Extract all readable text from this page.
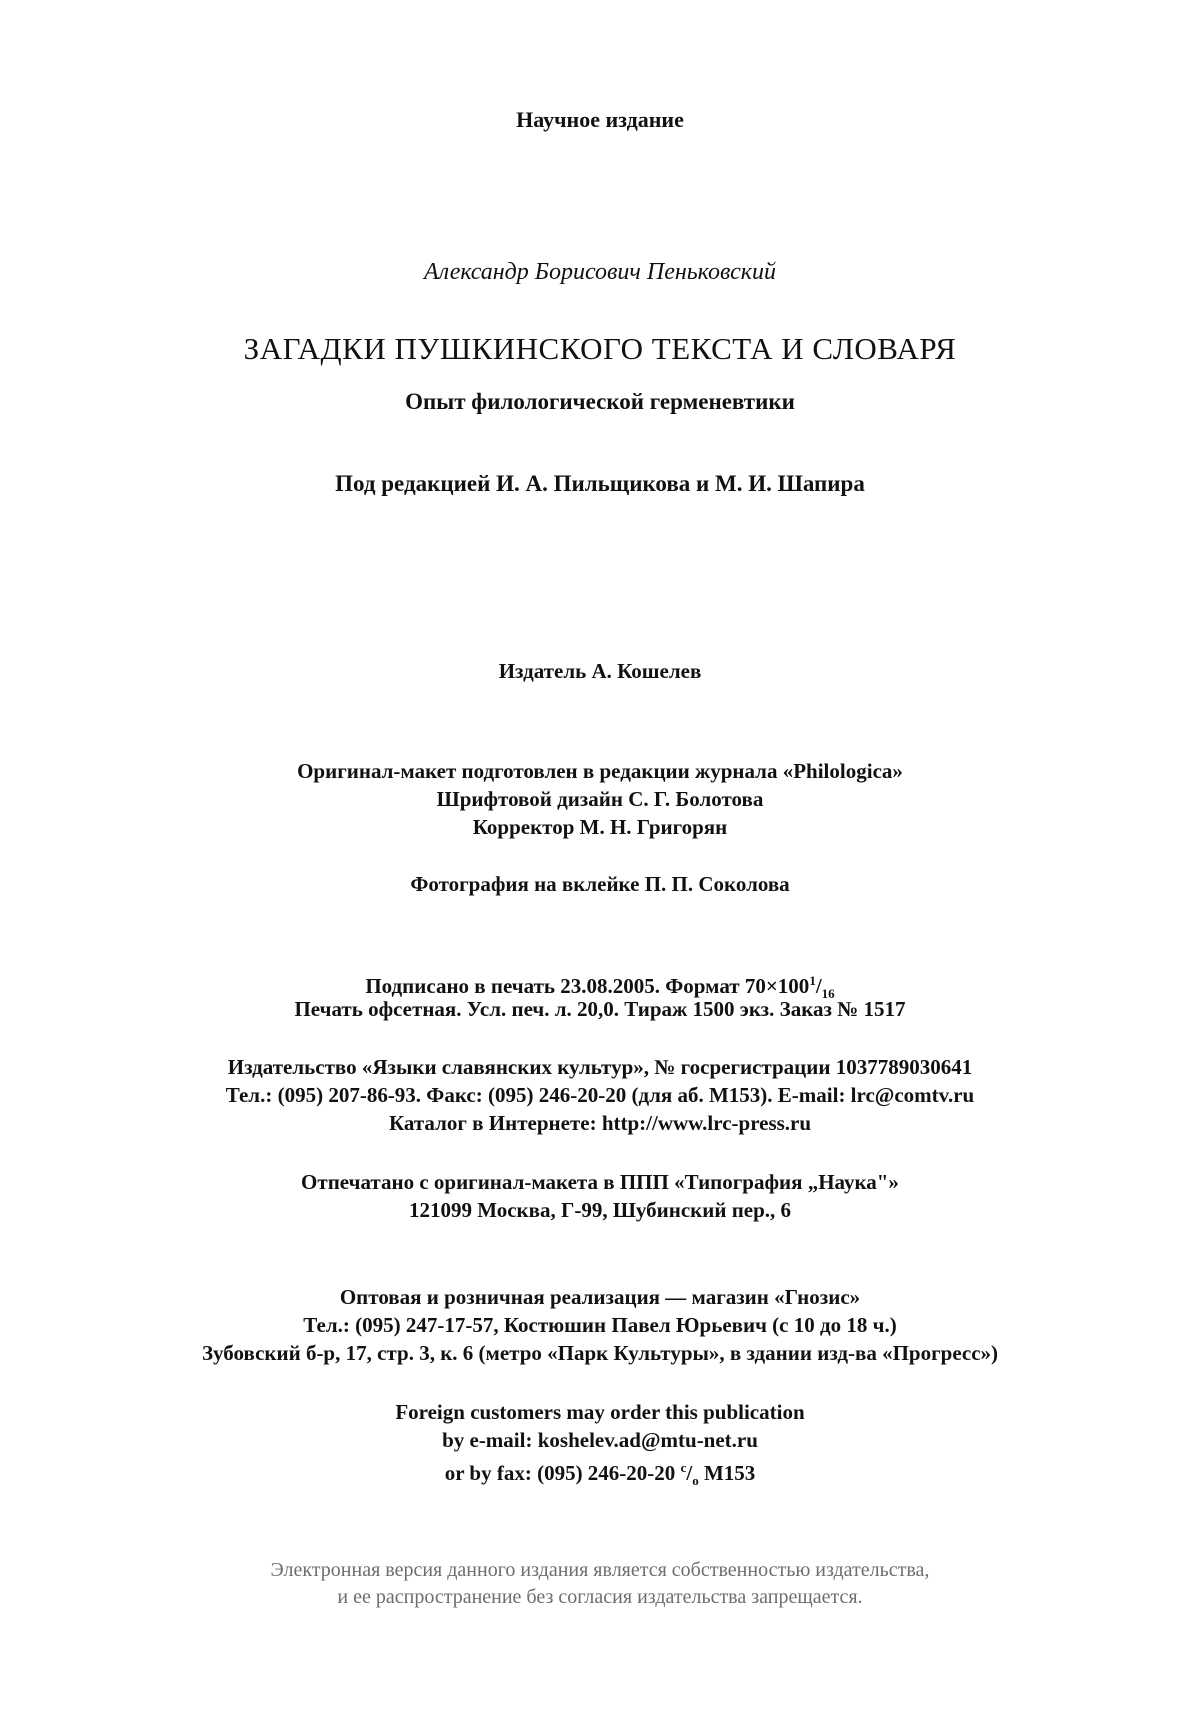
Научное издание
Александр Борисович Пеньковский
ЗАГАДКИ ПУШКИНСКОГО ТЕКСТА И СЛОВАРЯ
Опыт филологической герменевтики
Под редакцией И. А. Пильщикова и М. И. Шапира
Издатель А. Кошелев
Оригинал-макет подготовлен в редакции журнала «Philologica»
Шрифтовой дизайн С. Г. Болотова
Корректор М. Н. Григорян
Фотография на вклейке П. П. Соколова
Подписано в печать 23.08.2005. Формат $70\times 100^1/_{16}$
Печать офсетная. Усл. печ. л. 20,0. Тираж 1500 экз. Заказ № 1517
Издательство «Языки славянских культур», № госрегистрации 1037789030641
Тел.: (095) 207-86-93. Факс: (095) 246-20-20 (для аб. М153). E-mail: lrc@comtv.ru
Каталог в Интернете: http://www.lrc-press.ru
Отпечатано с оригинал-макета в ППП «Типография „Наука"»
121099 Москва, Г-99, Шубинский пер., 6
Оптовая и розничная реализация — магазин «Гнозис»
Тел.: (095) 247-17-57, Костюшин Павел Юрьевич (с 10 до 18 ч.)
Зубовский б-р, 17, стр. 3, к. 6 (метро «Парк Культуры», в здании изд-ва «Прогресс»)
Foreign customers may order this publication
by e-mail: koshelev.ad@mtu-net.ru
or by fax: (095) 246-20-20 $^c/_o$ M153
Электронная версия данного издания является собственностью издательства,
и ее распространение без согласия издательства запрещается.
